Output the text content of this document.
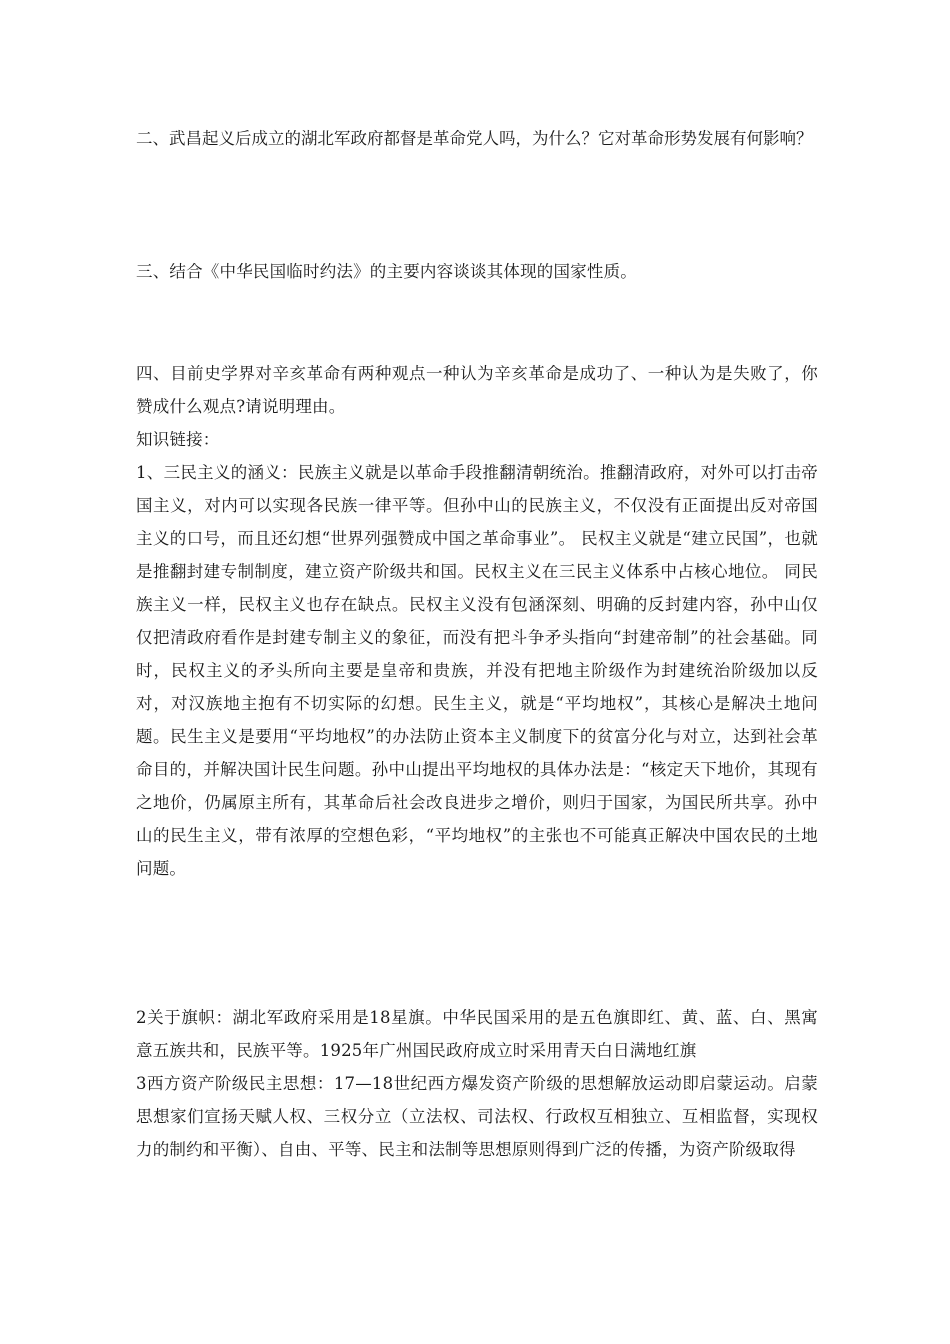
二、武昌起义后成立的湖北军政府都督是革命党人吗，为什么？它对革命形势发展有何影响？

三、结合《中华民国临时约法》的主要内容谈谈其体现的国家性质。

四、目前史学界对辛亥革命有两种观点一种认为辛亥革命是成功了、一种认为是失败了，你赞成什么观点?请说明理由。

知识链接：

1、三民主义的涵义：民族主义就是以革命手段推翻清朝统治。推翻清政府，对外可以打击帝国主义，对内可以实现各民族一律平等。但孙中山的民族主义，不仅没有正面提出反对帝国主义的口号，而且还幻想“世界列强赞成中国之革命事业”。 民权主义就是“建立民国”，也就是推翻封建专制制度，建立资产阶级共和国。民权主义在三民主义体系中占核心地位。 同民族主义一样，民权主义也存在缺点。民权主义没有包涵深刻、明确的反封建内容，孙中山仅仅把清政府看作是封建专制主义的象征，而没有把斗争矛头指向“封建帝制”的社会基础。同时，民权主义的矛头所向主要是皇帝和贵族，并没有把地主阶级作为封建统治阶级加以反对，对汉族地主抱有不切实际的幻想。民生主义，就是“平均地权”，其核心是解决土地问题。民生主义是要用“平均地权”的办法防止资本主义制度下的贫富分化与对立，达到社会革命目的，并解决国计民生问题。孙中山提出平均地权的具体办法是：“核定天下地价，其现有之地价，仍属原主所有，其革命后社会改良进步之增价，则归于国家，为国民所共享。孙中山的民生主义，带有浓厚的空想色彩，“平均地权”的主张也不可能真正解决中国农民的土地问题。

2关于旗帜：湖北军政府采用是18星旗。中华民国采用的是五色旗即红、黄、蓝、白、黑寓意五族共和，民族平等。1925年广州国民政府成立时采用青天白日满地红旗

3西方资产阶级民主思想：17—18世纪西方爆发资产阶级的思想解放运动即启蒙运动。启蒙思想家们宣扬天赋人权、三权分立（立法权、司法权、行政权互相独立、互相监督，实现权力的制约和平衡）、自由、平等、民主和法制等思想原则得到广泛的传播，为资产阶级取得
